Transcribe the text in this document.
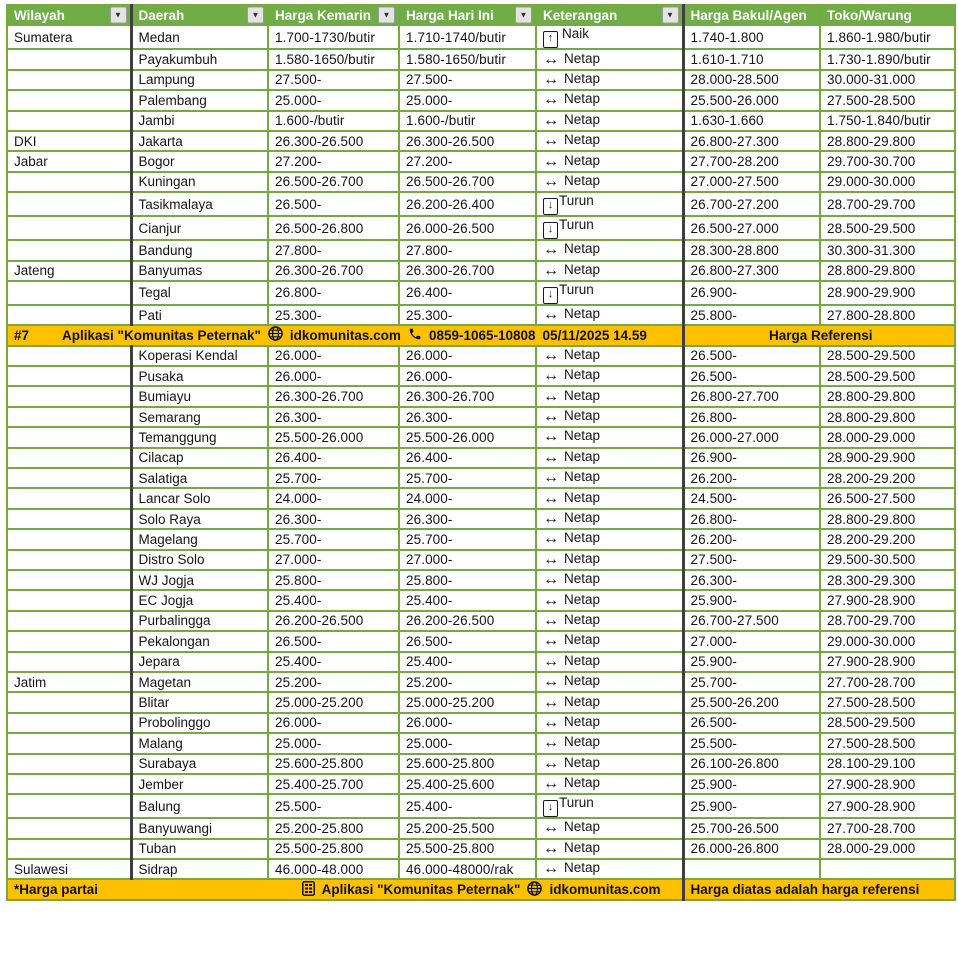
Wilayah ▼	Daerah ▼	Harga Kemarin ▼	Harga Hari Ini ▼	Keterangan ▼	Harga Bakul/Agen	Toko/Warung
Sumatera	Medan	1.700-1730/butir	1.710-1740/butir	↑ Naik	1.740-1.800	1.860-1.980/butir
	Payakumbuh	1.580-1650/butir	1.580-1650/butir	↔ Netap	1.610-1.710	1.730-1.890/butir
	Lampung	27.500-	27.500-	↔ Netap	28.000-28.500	30.000-31.000
	Palembang	25.000-	25.000-	↔ Netap	25.500-26.000	27.500-28.500
	Jambi	1.600-/butir	1.600-/butir	↔ Netap	1.630-1.660	1.750-1.840/butir
DKI	Jakarta	26.300-26.500	26.300-26.500	↔ Netap	26.800-27.300	28.800-29.800
Jabar	Bogor	27.200-	27.200-	↔ Netap	27.700-28.200	29.700-30.700
	Kuningan	26.500-26.700	26.500-26.700	↔ Netap	27.000-27.500	29.000-30.000
	Tasikmalaya	26.500-	26.200-26.400	↓ Turun	26.700-27.200	28.700-29.700
	Cianjur	26.500-26.800	26.000-26.500	↓ Turun	26.500-27.000	28.500-29.500
	Bandung	27.800-	27.800-	↔ Netap	28.300-28.800	30.300-31.300
Jateng	Banyumas	26.300-26.700	26.300-26.700	↔ Netap	26.800-27.300	28.800-29.800
	Tegal	26.800-	26.400-	↓ Turun	26.900-	28.900-29.900
	Pati	25.300-	25.300-	↔ Netap	25.800-	27.800-28.800

#7 Aplikasi "Komunitas Peternak" idkomunitas.com 0859-1065-10808 05/11/2025 14.59					Harga Referensi	
	Koperasi Kendal	26.000-	26.000-	↔ Netap	26.500-	28.500-29.500
	Pusaka	26.000-	26.000-	↔ Netap	26.500-	28.500-29.500
	Bumiayu	26.300-26.700	26.300-26.700	↔ Netap	26.800-27.700	28.800-29.800
	Semarang	26.300-	26.300-	↔ Netap	26.800-	28.800-29.800
	Temanggung	25.500-26.000	25.500-26.000	↔ Netap	26.000-27.000	28.000-29.000
	Cilacap	26.400-	26.400-	↔ Netap	26.900-	28.900-29.900
	Salatiga	25.700-	25.700-	↔ Netap	26.200-	28.200-29.200
	Lancar Solo	24.000-	24.000-	↔ Netap	24.500-	26.500-27.500
	Solo Raya	26.300-	26.300-	↔ Netap	26.800-	28.800-29.800
	Magelang	25.700-	25.700-	↔ Netap	26.200-	28.200-29.200
	Distro Solo	27.000-	27.000-	↔ Netap	27.500-	29.500-30.500
	WJ Jogja	25.800-	25.800-	↔ Netap	26.300-	28.300-29.300
	EC Jogja	25.400-	25.400-	↔ Netap	25.900-	27.900-28.900
	Purbalingga	26.200-26.500	26.200-26.500	↔ Netap	26.700-27.500	28.700-29.700
	Pekalongan	26.500-	26.500-	↔ Netap	27.000-	29.000-30.000
	Jepara	25.400-	25.400-	↔ Netap	25.900-	27.900-28.900
Jatim	Magetan	25.200-	25.200-	↔ Netap	25.700-	27.700-28.700
	Blitar	25.000-25.200	25.000-25.200	↔ Netap	25.500-26.200	27.500-28.500
	Probolinggo	26.000-	26.000-	↔ Netap	26.500-	28.500-29.500
	Malang	25.000-	25.000-	↔ Netap	25.500-	27.500-28.500
	Surabaya	25.600-25.800	25.600-25.800	↔ Netap	26.100-26.800	28.100-29.100
	Jember	25.400-25.700	25.400-25.600	↔ Netap	25.900-	27.900-28.900
	Balung	25.500-	25.400-	↓ Turun	25.900-	27.900-28.900
	Banyuwangi	25.200-25.800	25.200-25.500	↔ Netap	25.700-26.500	27.700-28.700
	Tuban	25.500-25.800	25.500-25.800	↔ Netap	26.000-26.800	28.000-29.000
Sulawesi	Sidrap	46.000-48.000	46.000-48000/rak	↔ Netap		

*Harga partai Aplikasi "Komunitas Peternak" idkomunitas.com					Harga diatas adalah harga referensi	
